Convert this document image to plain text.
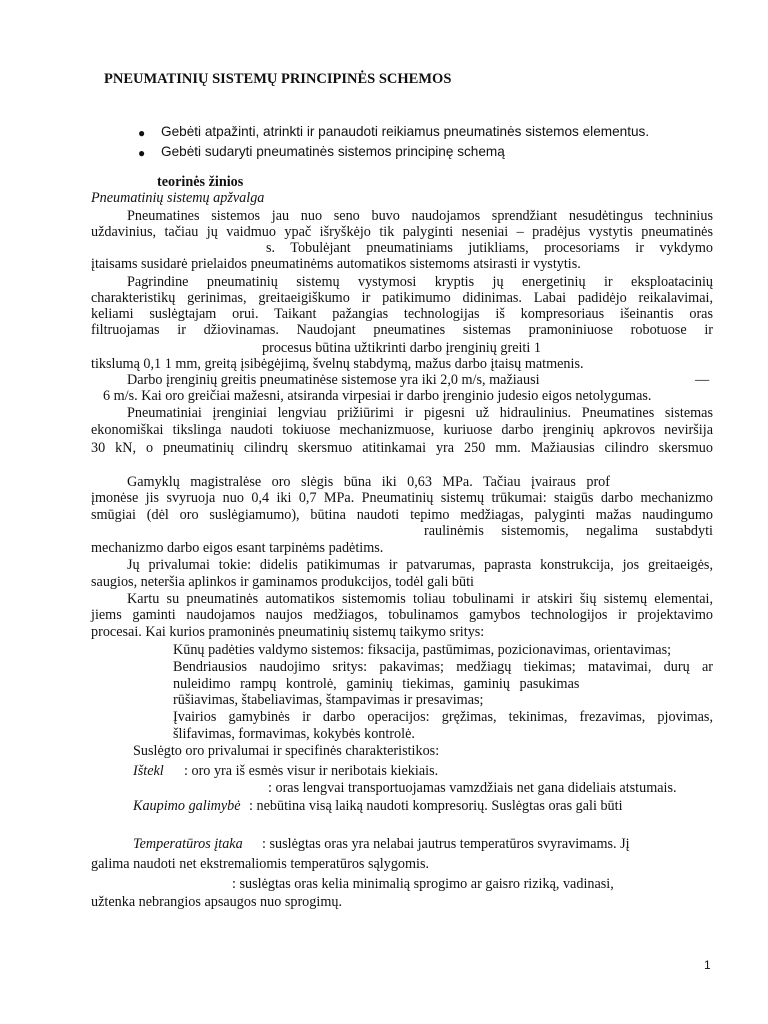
PNEUMATINIŲ SISTEMŲ PRINCIPINĖS SCHEMOS
● Gebėti atpažinti, atrinkti ir panaudoti reikiamus pneumatinės sistemos elementus.
● Gebėti sudaryti pneumatinės sistemos principinę schemą
teorinės žinios
Pneumatinių sistemų apžvalga
Pneumatines sistemos jau nuo seno buvo naudojamos sprendžiant nesudėtingus techninius
uždavinius, tačiau jų vaidmuo ypač išryškėjo tik palyginti neseniai – pradėjus vystytis pneumatinės
s. Tobulėjant pneumatiniams jutikliams, procesoriams ir vykdymo
įtaisams susidarė prielaidos pneumatinėms automatikos sistemoms atsirasti ir vystytis.
Pagrindine pneumatinių sistemų vystymosi kryptis jų energetinių ir eksploatacinių
charakteristikų gerinimas, greitaeigiškumo ir patikimumo didinimas. Labai padidėjo reikalavimai,
keliami suslėgtajam orui. Taikant pažangias technologijas iš kompresoriaus išeinantis oras
filtruojamas ir džiovinamas. Naudojant pneumatines sistemas pramoniniuose robotuose ir
procesus būtina užtikrinti darbo įrenginių greiti 1
tikslumą 0,1 1 mm, greitą įsibėgėjimą, švelnų stabdymą, mažus darbo įtaisų matmenis.
Darbo įrenginių greitis pneumatinėse sistemose yra iki 2,0 m/s, mažiausi	—
6 m/s. Kai oro greičiai mažesni, atsiranda virpesiai ir darbo įrenginio judesio eigos netolygumas.
Pneumatiniai įrenginiai lengviau prižiūrimi ir pigesni už hidraulinius. Pneumatines sistemas
ekonomiškai tikslinga naudoti tokiuose mechanizmuose, kuriuose darbo įrenginių apkrovos neviršija
30 kN, o pneumatinių cilindrų skersmuo atitinkamai yra 250 mm. Mažiausias cilindro skersmuo
Gamyklų magistralėse oro slėgis būna iki 0,63 MPa. Tačiau įvairaus prof
įmonėse jis svyruoja nuo 0,4 iki 0,7 MPa. Pneumatinių sistemų trūkumai: staigūs darbo mechanizmo
smūgiai (dėl oro suslėgiamumo), būtina naudoti tepimo medžiagas, palyginti mažas naudingumo
raulinėmis sistemomis, negalima sustabdyti
mechanizmo darbo eigos esant tarpinėms padėtims.
Jų privalumai tokie: didelis patikimumas ir patvarumas, paprasta konstrukcija, jos greitaeigės,
saugios, neteršia aplinkos ir gaminamos produkcijos, todėl gali būti
Kartu su pneumatinės automatikos sistemomis toliau tobulinami ir atskiri šių sistemų elementai,
jiems gaminti naudojamos naujos medžiagos, tobulinamos gamybos technologijos ir projektavimo
procesai. Kai kurios pramoninės pneumatinių sistemų taikymo sritys:
Kūnų padėties valdymo sistemos: fiksacija, pastūmimas, pozicionavimas, orientavimas;
Bendriausios naudojimo sritys: pakavimas; medžiagų tiekimas; matavimai, durų ar
nuleidimo rampų kontrolė, gaminių tiekimas, gaminių pasukimas
rūšiavimas, štabeliavimas, štampavimas ir presavimas;
Įvairios gamybinės ir darbo operacijos: gręžimas, tekinimas, frezavimas, pjovimas,
šlifavimas, formavimas, kokybės kontrolė.
Suslėgto oro privalumai ir specifinės charakteristikos:
Ištekl : oro yra iš esmės visur ir neribotais kiekiais.
: oras lengvai transportuojamas vamzdžiais net gana dideliais atstumais.
Kaupimo galimybė : nebūtina visą laiką naudoti kompresorių. Suslėgtas oras gali būti
Temperatūros įtaka : suslėgtas oras yra nelabai jautrus temperatūros svyravimams. Jį
galima naudoti net ekstremaliomis temperatūros sąlygomis.
: suslėgtas oras kelia minimalią sprogimo ar gaisro riziką, vadinasi,
užtenka nebrangios apsaugos nuo sprogimų.
1
